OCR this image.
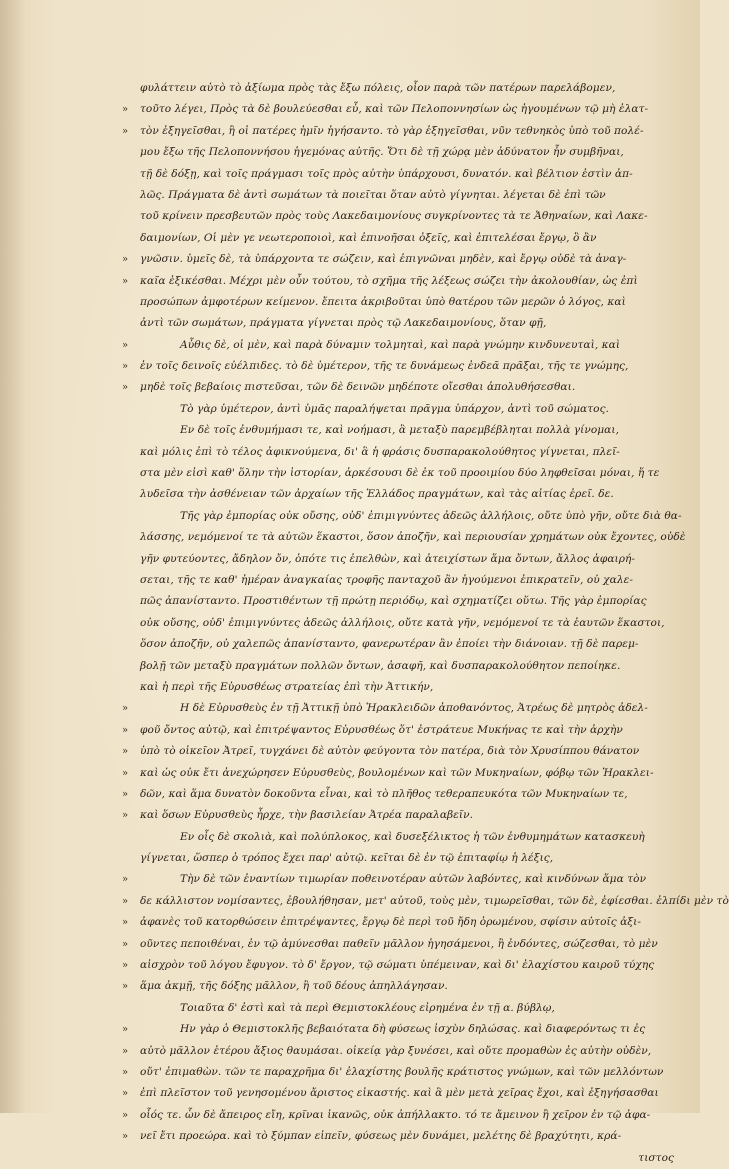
φυλάττειν αὐτὸ τὸ ἀξίωμα πρὸς τὰς ἔξω πόλεις, οἷον παρὰ τῶν πατέρων παρελάβομεν,
» τοῦτο λέγει, Πρὸς τὰ δὲ βουλεύεσθαι εὖ, καὶ τῶν Πελοποννησίων ὡς ἡγουμένων τῷ μὴ ἐλατ-
» τὸν ἐξηγεῖσθαι, ἢ οἱ πατέρες ἡμῖν ἡγήσαντο. τὸ γὰρ ἐξηγεῖσθαι, νῦν τεθνηκὸς ὑπὸ τοῦ πολέ-
μου ἔξω τῆς Πελοποννήσου ἡγεμόνας αὐτῆς. Ὅτι δὲ τῇ χώρᾳ μὲν ἀδύνατον ἦν συμβῆναι,
τῇ δὲ δόξῃ, καὶ τοῖς πράγμασι τοῖς πρὸς αὐτὴν ὑπάρχουσι, δυνατόν. καὶ βέλτιον ἐστὶν ἀπ-
λῶς. Πράγματα δὲ ἀντὶ σωμάτων τὰ ποιεῖται ὅταν αὐτὸ γίγνηται. λέγεται δὲ ἐπὶ τῶν
τοῦ κρίνειν πρεσβευτῶν πρὸς τοὺς Λακεδαιμονίους συγκρίνοντες τὰ τε Ἀθηναίων, καὶ Λακε-
δαιμονίων, Οἱ μὲν γε νεωτεροποιοὶ, καὶ ἐπινοῆσαι ὀξεῖς, καὶ ἐπιτελέσαι ἔργῳ, ὃ ἂν
» γνῶσιν. ὑμεῖς δὲ, τὰ ὑπάρχοντα τε σώζειν, καὶ ἐπιγνῶναι μηδὲν, καὶ ἔργῳ οὐδὲ τὰ ἀναγ-
» καῖα ἐξικέσθαι. Μέχρι μὲν οὖν τούτου, τὸ σχῆμα τῆς λέξεως σώζει τὴν ἀκολουθίαν, ὡς ἐπὶ
προσώπων ἀμφοτέρων κείμενον. ἔπειτα ἀκριβοῦται ὑπὸ θατέρου τῶν μερῶν ὁ λόγος, καὶ
ἀντὶ τῶν σωμάτων, πράγματα γίγνεται πρὸς τῷ Λακεδαιμονίους, ὅταν φῇ,
»	Αὖθις δὲ, οἱ μὲν, καὶ παρὰ δύναμιν τολμηταὶ, καὶ παρὰ γνώμην κινδυνευταὶ, καὶ
» ἐν τοῖς δεινοῖς εὐέλπιδες. τὸ δὲ ὑμέτερον, τῆς τε δυνάμεως ἐνδεᾶ πρᾶξαι, τῆς τε γνώμης,
» μηδὲ τοῖς βεβαίοις πιστεῦσαι, τῶν δὲ δεινῶν μηδέποτε οἴεσθαι ἀπολυθήσεσθαι.
Τὸ γὰρ ὑμέτερον, ἀντὶ ὑμᾶς παραλήψεται πρᾶγμα ὑπάρχον, ἀντὶ τοῦ σώματος.
Εν δὲ τοῖς ἐνθυμήμασι τε, καὶ νοήμασι, ἃ μεταξὺ παρεμβέβληται πολλὰ γίνομαι,
καὶ μόλις ἐπὶ τὸ τέλος ἀφικνούμενα, δι' ἃ ἡ φράσις δυσπαρακολούθητος γίγνεται, πλεῖ-
στα μὲν εἰσὶ καθ' ὅλην τὴν ἱστορίαν, ἀρκέσουσι δὲ ἐκ τοῦ προοιμίου δύο ληφθεῖσαι μόναι, ἥ τε
λυδεῖσα τὴν ἀσθένειαν τῶν ἀρχαίων τῆς Ἑλλάδος πραγμάτων, καὶ τὰς αἰτίας ἐρεῖ. δε.
Τῆς γὰρ ἐμπορίας οὐκ οὔσης, οὐδ' ἐπιμιγνύντες ἀδεῶς ἀλλήλοις, οὔτε ὑπὸ γῆν, οὔτε διὰ θα-
λάσσης, νεμόμενοί τε τὰ αὐτῶν ἕκαστοι, ὅσον ἀποζῆν, καὶ περιουσίαν χρημάτων οὐκ ἔχοντες, οὐδὲ
γῆν φυτεύοντες, ἄδηλον ὄν, ὁπότε τις ἐπελθὼν, καὶ ἀτειχίστων ἅμα ὄντων, ἄλλος ἀφαιρή-
σεται, τῆς τε καθ' ἡμέραν ἀναγκαίας τροφῆς πανταχοῦ ἂν ἡγούμενοι ἐπικρατεῖν, οὐ χαλε-
πῶς ἀπανίσταντο. Προστιθέντων τῇ πρώτῃ περιόδῳ, καὶ σχηματίζει οὕτω. Τῆς γὰρ ἐμπορίας
οὐκ οὔσης, οὐδ' ἐπιμιγνύντες ἀδεῶς ἀλλήλοις, οὔτε κατὰ γῆν, νεμόμενοί τε τὰ ἑαυτῶν ἕκαστοι,
ὅσον ἀποζῆν, οὐ χαλεπῶς ἀπανίσταντο, φανερωτέραν ἂν ἐποίει τὴν διάνοιαν. τῇ δὲ παρεμ-
βολῇ τῶν μεταξὺ πραγμάτων πολλῶν ὄντων, ἀσαφῆ, καὶ δυσπαρακολούθητον πεποίηκε.
καὶ ἡ περὶ τῆς Εὐρυσθέως στρατείας ἐπὶ τὴν Ἀττικήν,
»	Η δὲ Εὐρυσθεὺς ἐν τῇ Ἀττικῇ ὑπὸ Ἡρακλειδῶν ἀποθανόντος, Ἀτρέως δὲ μητρὸς ἀδελ-
» φοῦ ὄντος αὐτῷ, καὶ ἐπιτρέψαντος Εὐρυσθέως ὅτ' ἐστράτευε Μυκήνας τε καὶ τὴν ἀρχὴν
» ὑπὸ τὸ οἰκεῖον Ἀτρεῖ, τυγχάνει δὲ αὐτὸν φεύγοντα τὸν πατέρα, διὰ τὸν Χρυσίππου θάνατον
» καὶ ὡς οὐκ ἔτι ἀνεχώρησεν Εὐρυσθεὺς, βουλομένων καὶ τῶν Μυκηναίων, φόβῳ τῶν Ἡρακλει-
» δῶν, καὶ ἅμα δυνατὸν δοκοῦντα εἶναι, καὶ τὸ πλῆθος τεθεραπευκότα τῶν Μυκηναίων τε,
» καὶ ὅσων Εὐρυσθεὺς ἦρχε, τὴν βασιλείαν Ἀτρέα παραλαβεῖν.
Εν οἷς δὲ σκολιὰ, καὶ πολύπλοκος, καὶ δυσεξέλικτος ἡ τῶν ἐνθυμημάτων κατασκευὴ
γίγνεται, ὥσπερ ὁ τρόπος ἔχει παρ' αὐτῷ. κεῖται δὲ ἐν τῷ ἐπιταφίῳ ἡ λέξις,
»	Τὴν δὲ τῶν ἐναντίων τιμωρίαν ποθεινοτέραν αὐτῶν λαβόντες, καὶ κινδύνων ἅμα τὸν
» δε κάλλιστον νομίσαντες, ἐβουλήθησαν, μετ' αὐτοῦ, τοὺς μὲν, τιμωρεῖσθαι, τῶν δὲ, ἐφίεσθαι. ἐλπίδι μὲν τὸ
» ἀφανὲς τοῦ κατορθώσειν ἐπιτρέψαντες, ἔργῳ δὲ περὶ τοῦ ἤδη ὁρωμένου, σφίσιν αὐτοῖς ἀξι-
» οῦντες πεποιθέναι, ἐν τῷ ἀμύνεσθαι παθεῖν μᾶλλον ἡγησάμενοι, ἢ ἐνδόντες, σώζεσθαι, τὸ μὲν
» αἰσχρὸν τοῦ λόγου ἔφυγον. τὸ δ' ἔργον, τῷ σώματι ὑπέμειναν, καὶ δι' ἐλαχίστου καιροῦ τύχης
» ἅμα ἀκμῇ, τῆς δόξης μᾶλλον, ἢ τοῦ δέους ἀπηλλάγησαν.
Τοιαῦτα δ' ἐστὶ καὶ τὰ περὶ Θεμιστοκλέους εἰρημένα ἐν τῇ α. βύβλῳ,
»	Ην γὰρ ὁ Θεμιστοκλῆς βεβαιότατα δὴ φύσεως ἰσχὺν δηλώσας. καὶ διαφερόντως τι ἐς
» αὐτὸ μᾶλλον ἑτέρου ἄξιος θαυμάσαι. οἰκείᾳ γὰρ ξυνέσει, καὶ οὔτε προμαθὼν ἐς αὐτὴν οὐδὲν,
» οὔτ' ἐπιμαθὼν. τῶν τε παραχρῆμα δι' ἐλαχίστης βουλῆς κράτιστος γνώμων, καὶ τῶν μελλόντων
» ἐπὶ πλεῖστον τοῦ γενησομένου ἄριστος εἰκαστής. καὶ ἃ μὲν μετὰ χεῖρας ἔχοι, καὶ ἐξηγήσασθαι
» οἷός τε. ὧν δὲ ἄπειρος εἴη, κρῖναι ἱκανῶς, οὐκ ἀπήλλακτο. τό τε ἄμεινον ἢ χεῖρον ἐν τῷ ἀφα-
» νεῖ ἔτι προεώρα. καὶ τὸ ξύμπαν εἰπεῖν, φύσεως μὲν δυνάμει, μελέτης δὲ βραχύτητι, κρά-
τιστος
